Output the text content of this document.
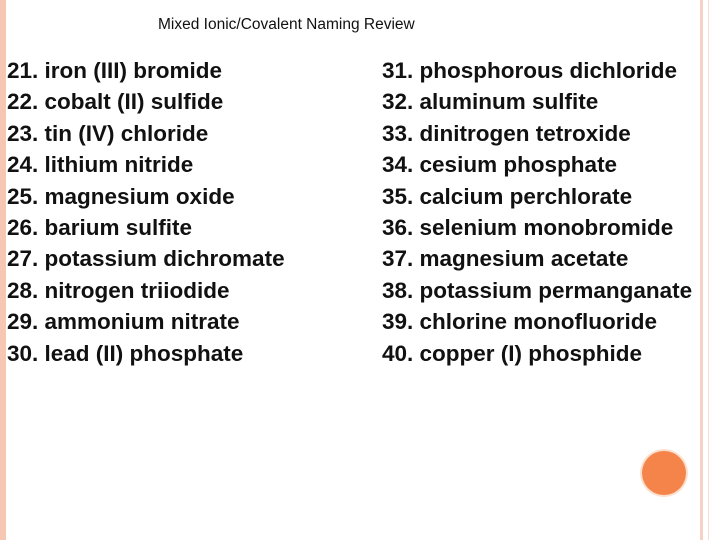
Mixed Ionic/Covalent Naming Review
21. iron (III) bromide
22. cobalt (II) sulfide
23. tin (IV) chloride
24. lithium nitride
25. magnesium oxide
26. barium sulfite
27. potassium dichromate
28. nitrogen triiodide
29. ammonium nitrate
30. lead (II) phosphate
31. phosphorous dichloride
32. aluminum sulfite
33. dinitrogen tetroxide
34. cesium phosphate
35. calcium perchlorate
36. selenium monobromide
37. magnesium acetate
38. potassium permanganate
39. chlorine monofluoride
40. copper (I) phosphide
